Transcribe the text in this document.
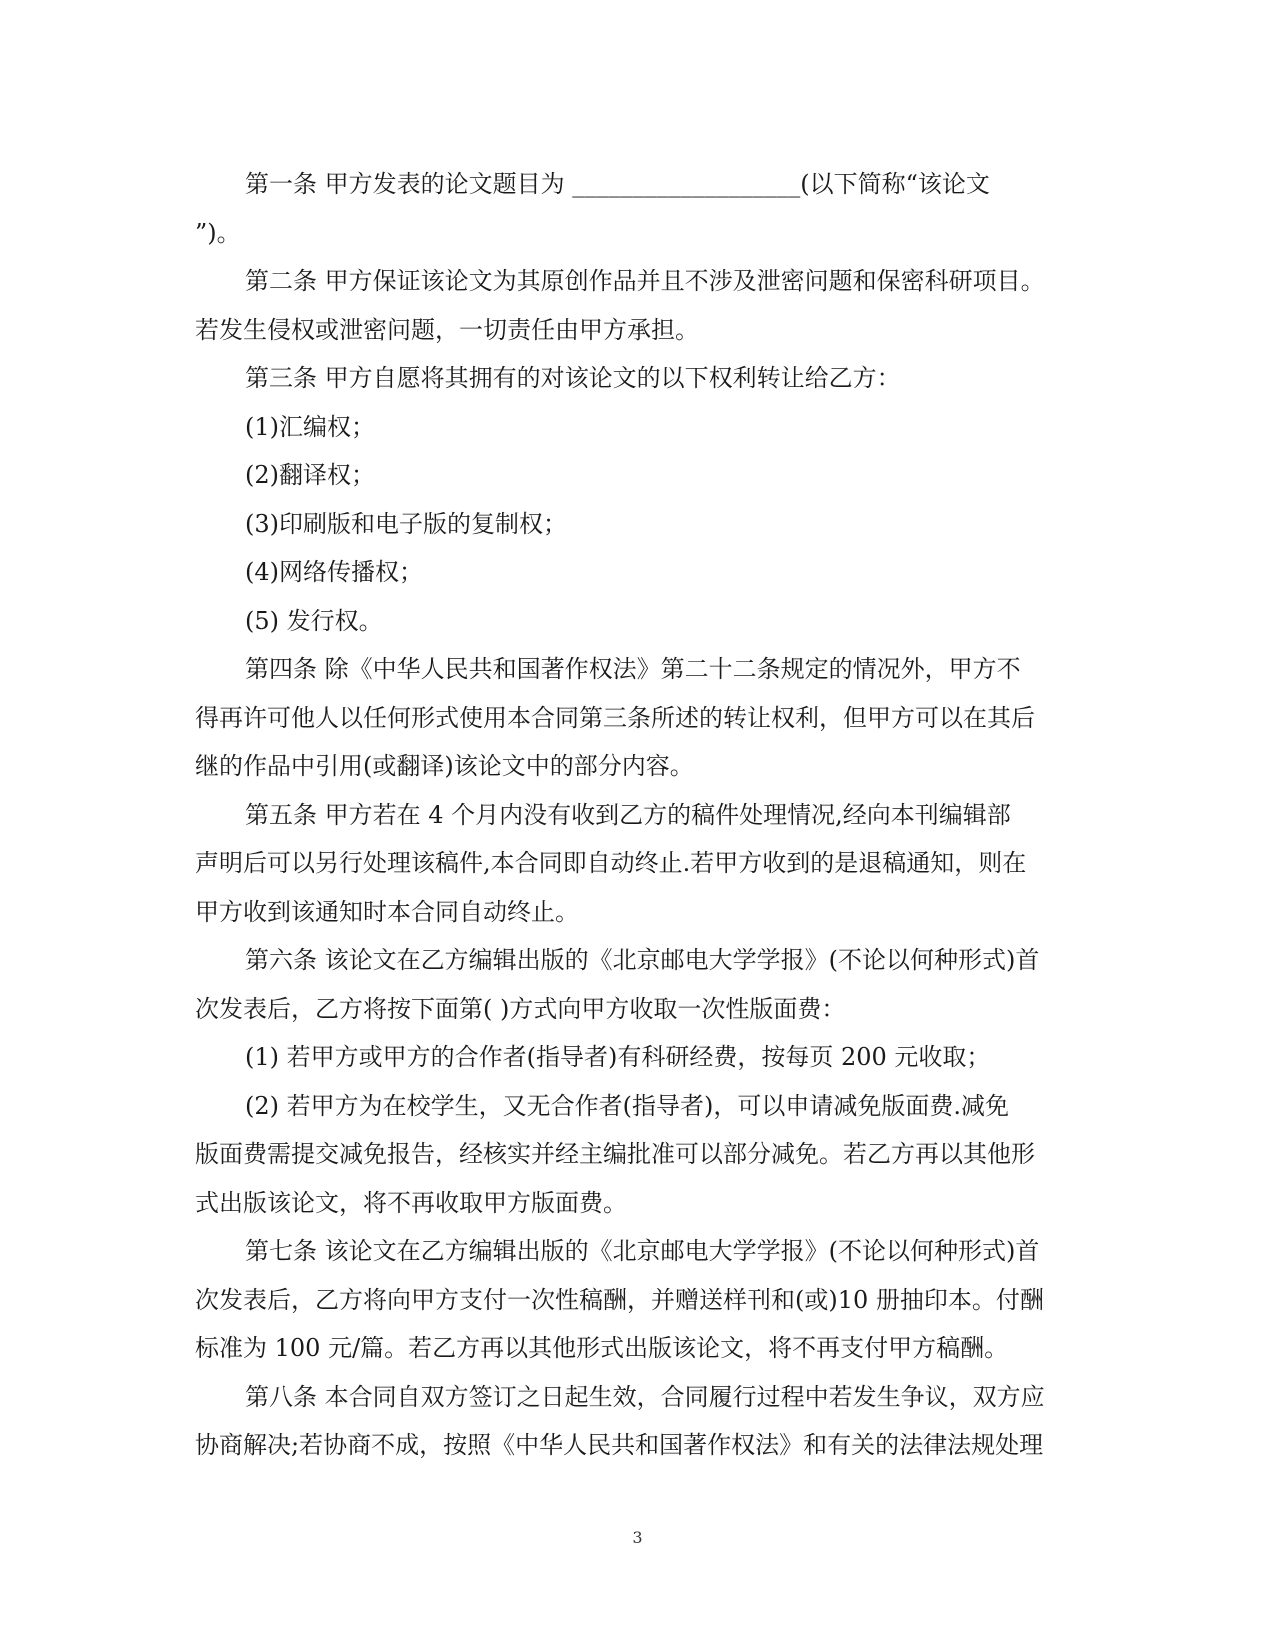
第一条 甲方发表的论文题目为 ___________________(以下简称“该论文
”)。
第二条 甲方保证该论文为其原创作品并且不涉及泄密问题和保密科研项目。
若发生侵权或泄密问题，一切责任由甲方承担。
第三条 甲方自愿将其拥有的对该论文的以下权利转让给乙方：
(1)汇编权；
(2)翻译权；
(3)印刷版和电子版的复制权；
(4)网络传播权；
(5) 发行权。
第四条 除《中华人民共和国著作权法》第二十二条规定的情况外，甲方不
得再许可他人以任何形式使用本合同第三条所述的转让权利，但甲方可以在其后
继的作品中引用(或翻译)该论文中的部分内容。
第五条 甲方若在 4 个月内没有收到乙方的稿件处理情况,经向本刊编辑部
声明后可以另行处理该稿件,本合同即自动终止.若甲方收到的是退稿通知，则在
甲方收到该通知时本合同自动终止。
第六条 该论文在乙方编辑出版的《北京邮电大学学报》(不论以何种形式)首
次发表后，乙方将按下面第( )方式向甲方收取一次性版面费：
(1) 若甲方或甲方的合作者(指导者)有科研经费，按每页 200 元收取；
(2) 若甲方为在校学生，又无合作者(指导者)，可以申请减免版面费.减免
版面费需提交减免报告，经核实并经主编批准可以部分减免。若乙方再以其他形
式出版该论文，将不再收取甲方版面费。
第七条 该论文在乙方编辑出版的《北京邮电大学学报》(不论以何种形式)首
次发表后，乙方将向甲方支付一次性稿酬，并赠送样刊和(或)10 册抽印本。付酬
标准为 100 元/篇。若乙方再以其他形式出版该论文，将不再支付甲方稿酬。
第八条 本合同自双方签订之日起生效，合同履行过程中若发生争议，双方应
协商解决;若协商不成，按照《中华人民共和国著作权法》和有关的法律法规处理
3
